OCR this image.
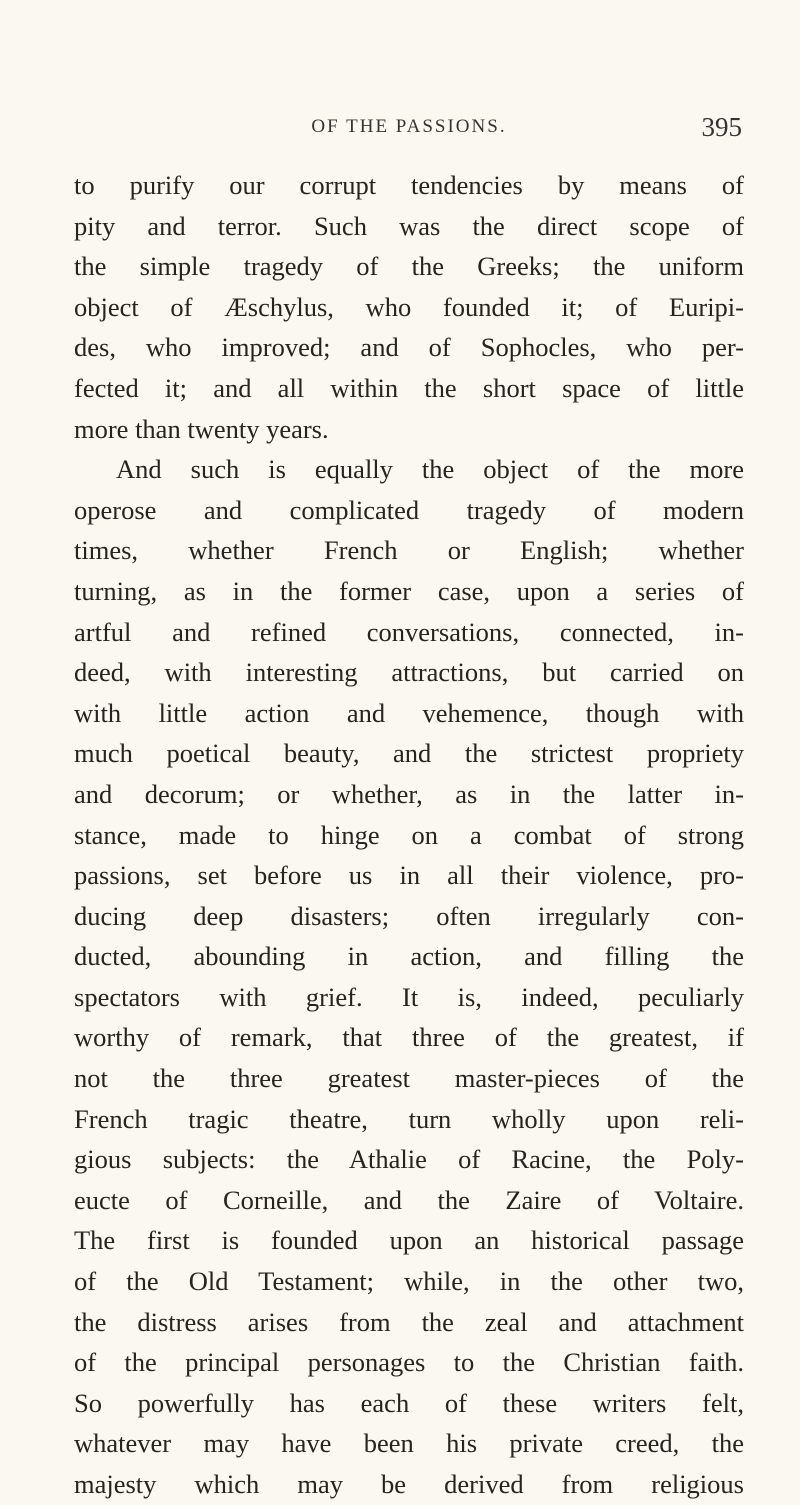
OF THE PASSIONS.	395
to purify our corrupt tendencies by means of
pity and terror. Such was the direct scope of
the simple tragedy of the Greeks; the uniform
object of Æschylus, who founded it; of Euripi-
des, who improved; and of Sophocles, who per-
fected it; and all within the short space of little
more than twenty years.
And such is equally the object of the more
operose and complicated tragedy of modern
times, whether French or English; whether
turning, as in the former case, upon a series of
artful and refined conversations, connected, in-
deed, with interesting attractions, but carried on
with little action and vehemence, though with
much poetical beauty, and the strictest propriety
and decorum; or whether, as in the latter in-
stance, made to hinge on a combat of strong
passions, set before us in all their violence, pro-
ducing deep disasters; often irregularly con-
ducted, abounding in action, and filling the
spectators with grief. It is, indeed, peculiarly
worthy of remark, that three of the greatest, if
not the three greatest master-pieces of the
French tragic theatre, turn wholly upon reli-
gious subjects: the Athalie of Racine, the Poly-
eucte of Corneille, and the Zaire of Voltaire.
The first is founded upon an historical passage
of the Old Testament; while, in the other two,
the distress arises from the zeal and attachment
of the principal personages to the Christian faith.
So powerfully has each of these writers felt,
whatever may have been his private creed, the
majesty which may be derived from religious
